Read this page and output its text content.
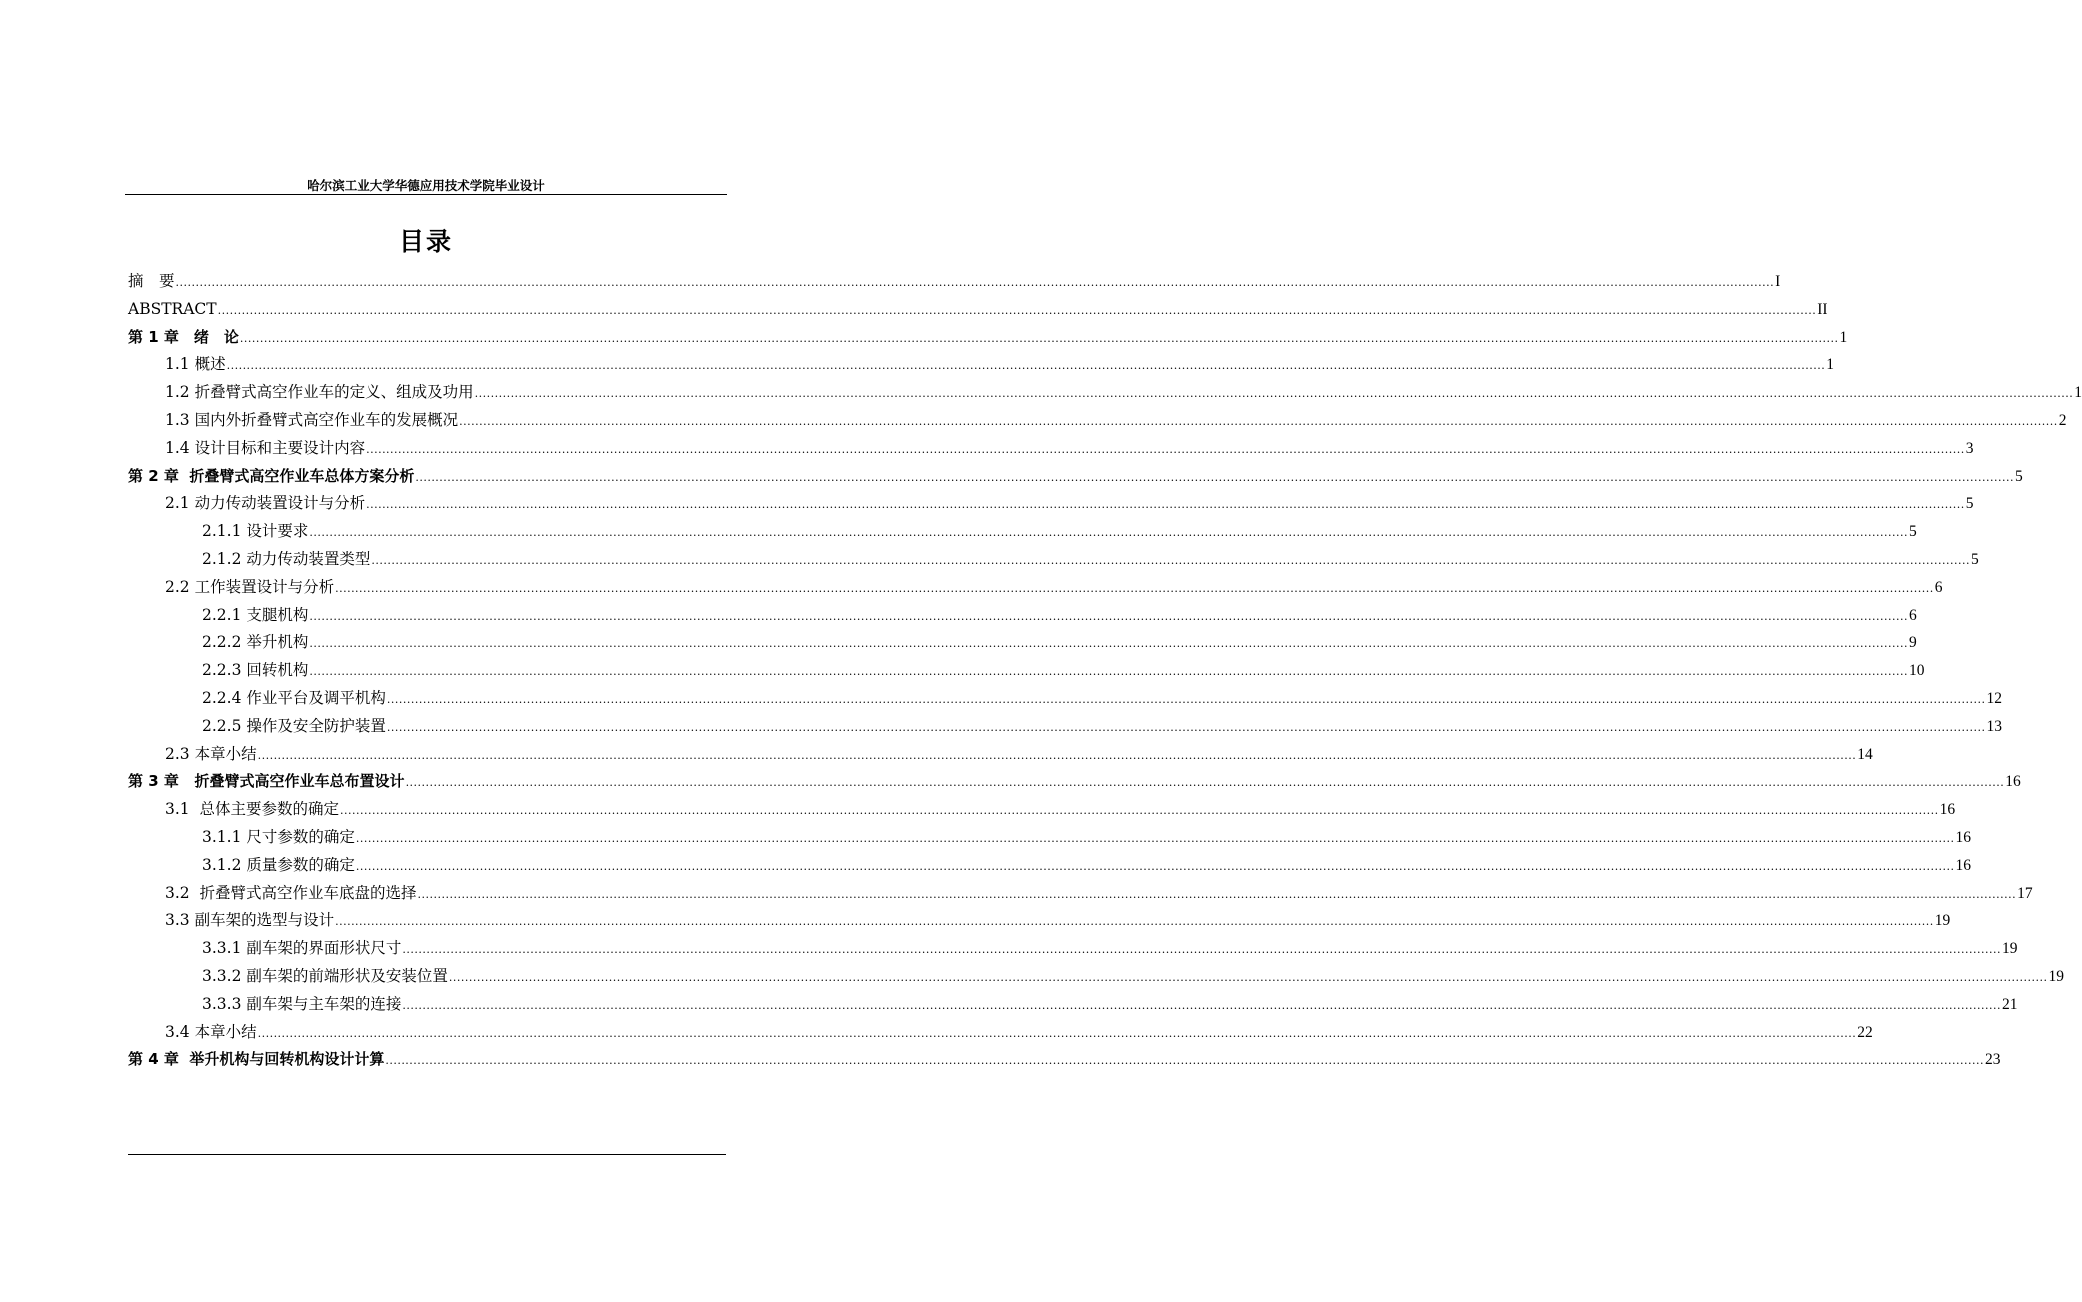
哈尔滨工业大学华德应用技术学院毕业设计
目录
摘　要 ................................................................................................................................................................................................................................................................................................................................................................................................................ I
ABSTRACT ................................................................................................................................................................................................................................................................................................................................................................................................................ II
第 1 章　绪　论 ................................................................................................................................................................................................................................................................................................................................................................................................................ 1
1.1 概述 ................................................................................................................................................................................................................................................................................................................................................................................................................ 1
1.2 折叠臂式高空作业车的定义、组成及功用 ................................................................................................................................................................................................................................................................................................................................................................................................................ 1
1.3 国内外折叠臂式高空作业车的发展概况 ................................................................................................................................................................................................................................................................................................................................................................................................................ 2
1.4 设计目标和主要设计内容 ................................................................................................................................................................................................................................................................................................................................................................................................................ 3
第 2 章  折叠臂式高空作业车总体方案分析 ................................................................................................................................................................................................................................................................................................................................................................................................................ 5
2.1 动力传动装置设计与分析 ................................................................................................................................................................................................................................................................................................................................................................................................................ 5
2.1.1 设计要求 ................................................................................................................................................................................................................................................................................................................................................................................................................ 5
2.1.2 动力传动装置类型 ................................................................................................................................................................................................................................................................................................................................................................................................................ 5
2.2 工作装置设计与分析 ................................................................................................................................................................................................................................................................................................................................................................................................................ 6
2.2.1 支腿机构 ................................................................................................................................................................................................................................................................................................................................................................................................................ 6
2.2.2 举升机构 ................................................................................................................................................................................................................................................................................................................................................................................................................ 9
2.2.3 回转机构 ................................................................................................................................................................................................................................................................................................................................................................................................................ 10
2.2.4 作业平台及调平机构 ................................................................................................................................................................................................................................................................................................................................................................................................................ 12
2.2.5 操作及安全防护装置 ................................................................................................................................................................................................................................................................................................................................................................................................................ 13
2.3 本章小结 ................................................................................................................................................................................................................................................................................................................................................................................................................ 14
第 3 章   折叠臂式高空作业车总布置设计 ................................................................................................................................................................................................................................................................................................................................................................................................................ 16
3.1  总体主要参数的确定 ................................................................................................................................................................................................................................................................................................................................................................................................................ 16
3.1.1 尺寸参数的确定 ................................................................................................................................................................................................................................................................................................................................................................................................................ 16
3.1.2 质量参数的确定 ................................................................................................................................................................................................................................................................................................................................................................................................................ 16
3.2  折叠臂式高空作业车底盘的选择 ................................................................................................................................................................................................................................................................................................................................................................................................................ 17
3.3 副车架的选型与设计 ................................................................................................................................................................................................................................................................................................................................................................................................................ 19
3.3.1 副车架的界面形状尺寸 ................................................................................................................................................................................................................................................................................................................................................................................................................ 19
3.3.2 副车架的前端形状及安装位置 ................................................................................................................................................................................................................................................................................................................................................................................................................ 19
3.3.3 副车架与主车架的连接 ................................................................................................................................................................................................................................................................................................................................................................................................................ 21
3.4 本章小结 ................................................................................................................................................................................................................................................................................................................................................................................................................ 22
第 4 章  举升机构与回转机构设计计算 ................................................................................................................................................................................................................................................................................................................................................................................................................ 23
